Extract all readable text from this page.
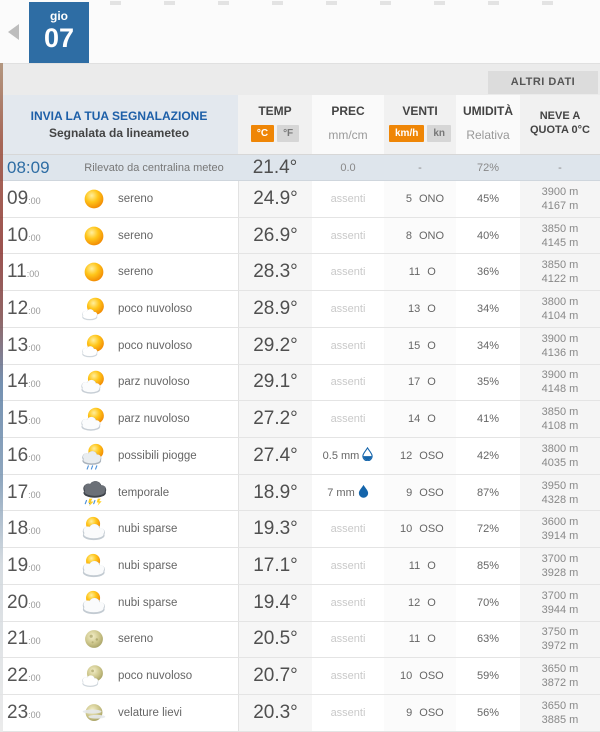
gio
07
ALTRI DATI
INVIA LA TUA SEGNALAZIONE
Segnalata da lineameteo
TEMP
°C	°F
PREC
mm/cm
VENTI
km/h	kn
UMIDITÀ
Relativa
NEVE A
QUOTA 0°C
08:09	Rilevato da centralina meteo	21.4°	0.0	-	72%	-
09:00	sereno	24.9°	assenti	5 ONO	45%
3900 m
4167 m
10:00	sereno	26.9°	assenti	8 ONO	40%
3850 m
4145 m
11:00	sereno	28.3°	assenti	11 O	36%
3850 m
4122 m
12:00	poco nuvoloso	28.9°	assenti	13 O	34%
3800 m
4104 m
13:00	poco nuvoloso	29.2°	assenti	15 O	34%
3900 m
4136 m
14:00	parz nuvoloso	29.1°	assenti	17 O	35%
3900 m
4148 m
15:00	parz nuvoloso	27.2°	assenti	14 O	41%
3850 m
4108 m
16:00	possibili piogge	27.4°	0.5 mm	12 OSO	42%
3800 m
4035 m
17:00	temporale	18.9°	7 mm	9 OSO	87%
3950 m
4328 m
18:00	nubi sparse	19.3°	assenti	10 OSO	72%
3600 m
3914 m
19:00	nubi sparse	17.1°	assenti	11 O	85%
3700 m
3928 m
20:00	nubi sparse	19.4°	assenti	12 O	70%
3700 m
3944 m
21:00	sereno	20.5°	assenti	11 O	63%
3750 m
3972 m
22:00	poco nuvoloso	20.7°	assenti	10 OSO	59%
3650 m
3872 m
23:00	velature lievi	20.3°	assenti	9 OSO	56%
3650 m
3885 m
